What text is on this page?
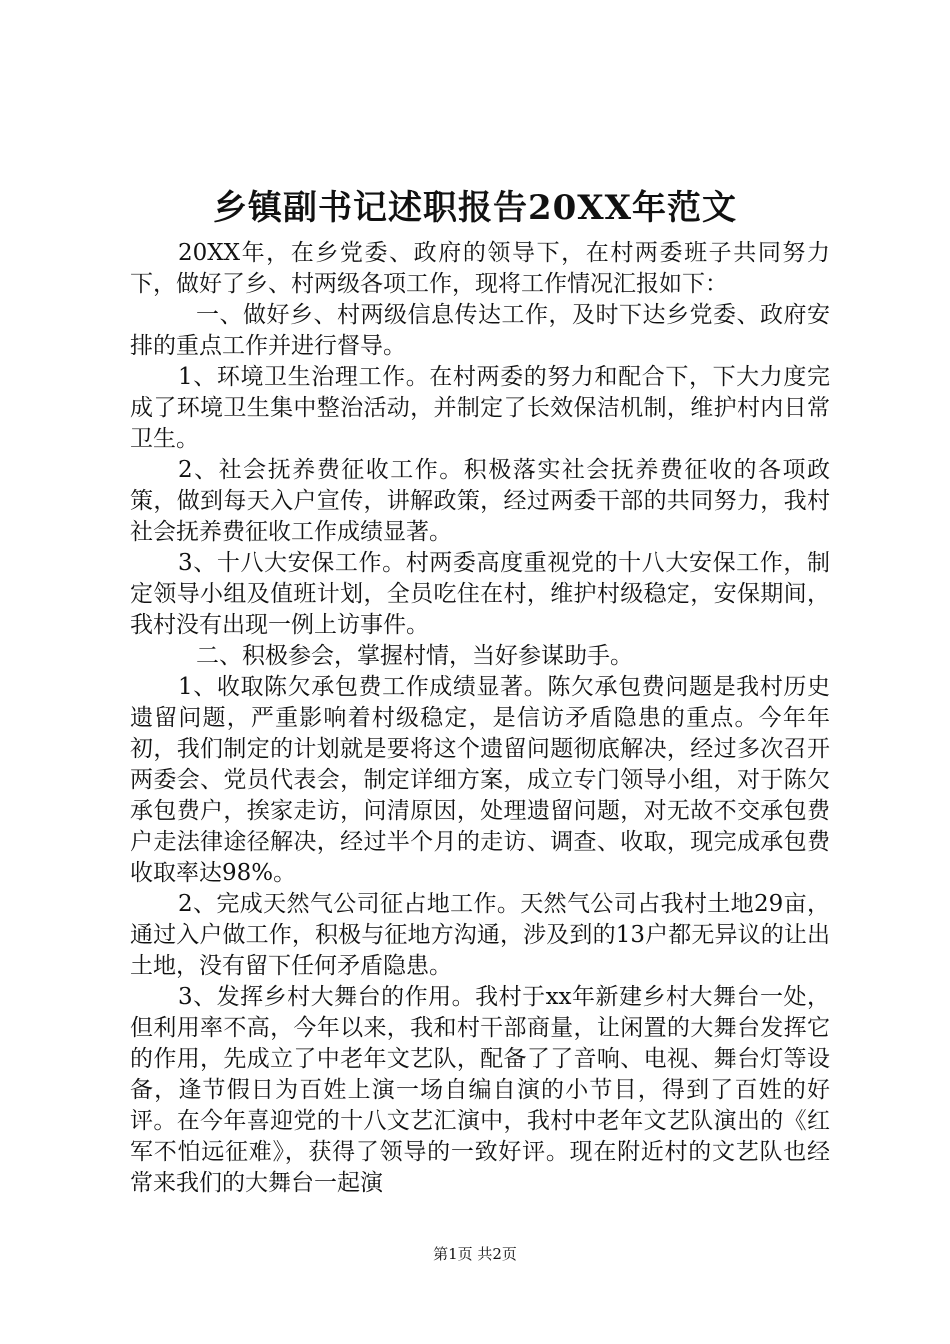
乡镇副书记述职报告20XX年范文

20XX年，在乡党委、政府的领导下，在村两委班子共同努力下，做好了乡、村两级各项工作，现将工作情况汇报如下：

一、做好乡、村两级信息传达工作，及时下达乡党委、政府安排的重点工作并进行督导。

1、环境卫生治理工作。在村两委的努力和配合下，下大力度完成了环境卫生集中整治活动，并制定了长效保洁机制，维护村内日常卫生。

2、社会抚养费征收工作。积极落实社会抚养费征收的各项政策，做到每天入户宣传，讲解政策，经过两委干部的共同努力，我村社会抚养费征收工作成绩显著。

3、十八大安保工作。村两委高度重视党的十八大安保工作，制定领导小组及值班计划，全员吃住在村，维护村级稳定，安保期间，我村没有出现一例上访事件。

二、积极参会，掌握村情，当好参谋助手。

1、收取陈欠承包费工作成绩显著。陈欠承包费问题是我村历史遗留问题，严重影响着村级稳定，是信访矛盾隐患的重点。今年年初，我们制定的计划就是要将这个遗留问题彻底解决，经过多次召开两委会、党员代表会，制定详细方案，成立专门领导小组，对于陈欠承包费户，挨家走访，问清原因，处理遗留问题，对无故不交承包费户走法律途径解决，经过半个月的走访、调查、收取，现完成承包费收取率达98%。

2、完成天然气公司征占地工作。天然气公司占我村土地29亩，通过入户做工作，积极与征地方沟通，涉及到的13户都无异议的让出土地，没有留下任何矛盾隐患。

3、发挥乡村大舞台的作用。我村于xx年新建乡村大舞台一处，但利用率不高，今年以来，我和村干部商量，让闲置的大舞台发挥它的作用，先成立了中老年文艺队，配备了了音响、电视、舞台灯等设备，逢节假日为百姓上演一场自编自演的小节目，得到了百姓的好评。在今年喜迎党的十八文艺汇演中，我村中老年文艺队演出的《红军不怕远征难》，获得了领导的一致好评。现在附近村的文艺队也经常来我们的大舞台一起演

第1页 共2页
